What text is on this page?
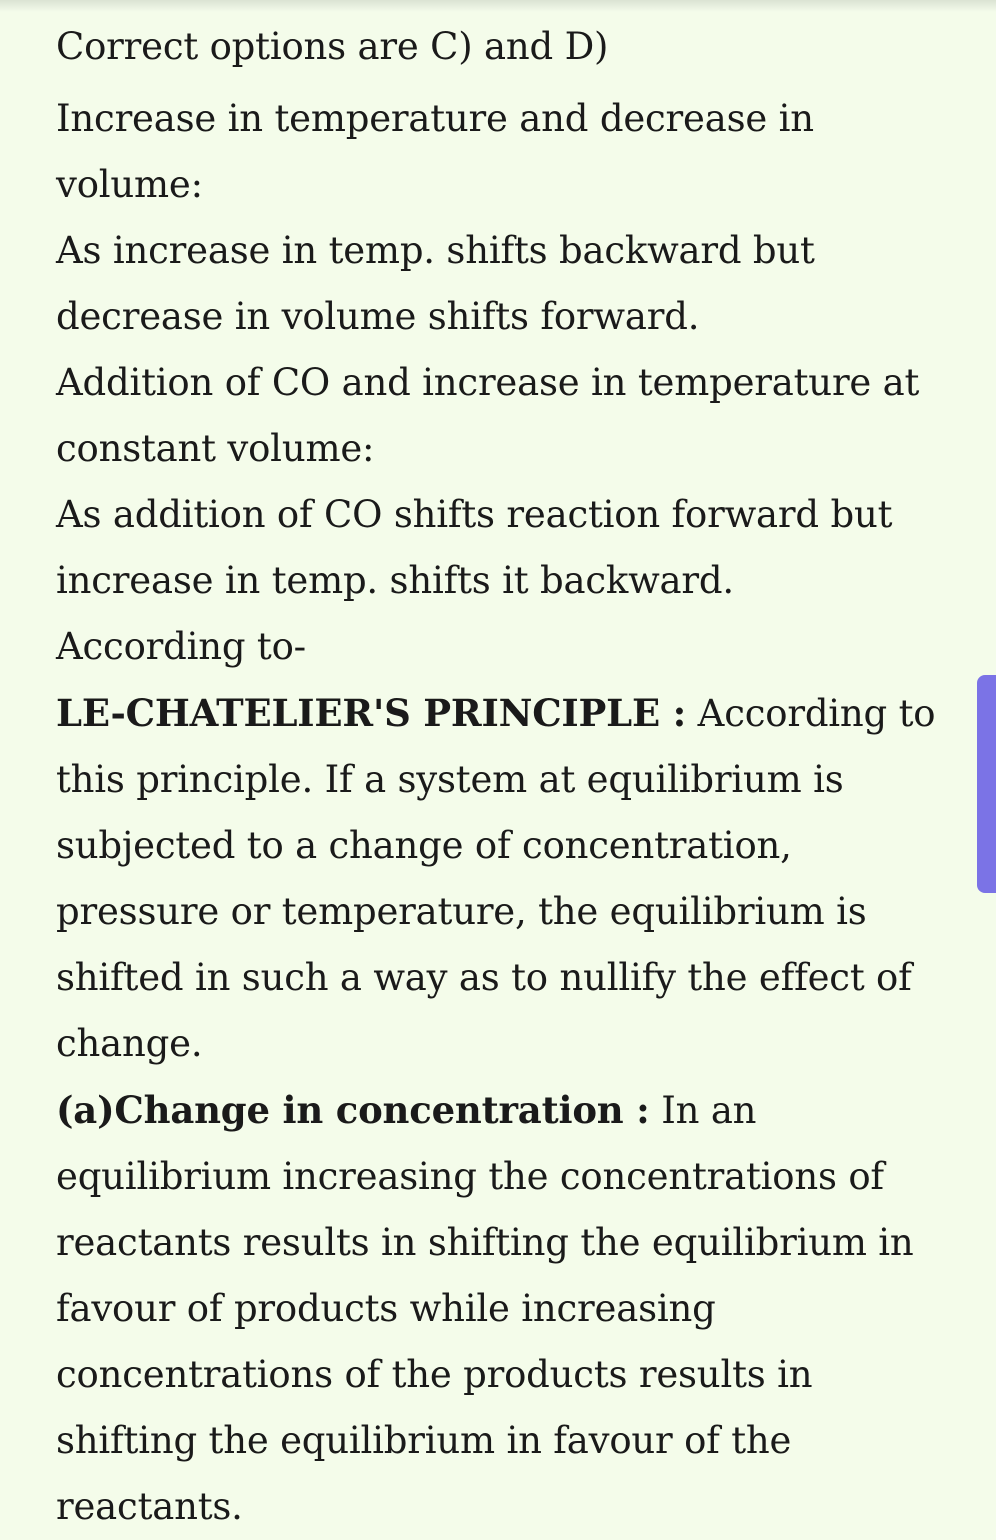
Correct options are C) and D)
Increase in temperature and decrease in
volume:
As increase in temp. shifts backward but
decrease in volume shifts forward.
Addition of CO and increase in temperature at
constant volume:
As addition of CO shifts reaction forward but
increase in temp. shifts it backward.
According to-
LE-CHATELIER'S PRINCIPLE : According to
this principle. If a system at equilibrium is
subjected to a change of concentration,
pressure or temperature, the equilibrium is
shifted in such a way as to nullify the effect of
change.
(a)Change in concentration : In an
equilibrium increasing the concentrations of
reactants results in shifting the equilibrium in
favour of products while increasing
concentrations of the products results in
shifting the equilibrium in favour of the
reactants.
